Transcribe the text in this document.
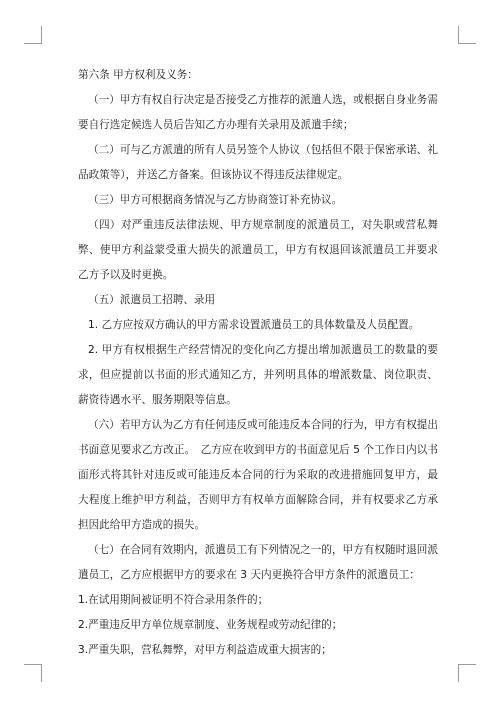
第六条 甲方权利及义务：

（一）甲方有权自行决定是否接受乙方推荐的派遣人选，或根据自身业务需要自行选定候选人员后告知乙方办理有关录用及派遣手续；

（二）可与乙方派遣的所有人员另签个人协议（包括但不限于保密承诺、礼品政策等），并送乙方备案。但该协议不得违反法律规定。

（三）甲方可根据商务情况与乙方协商签订补充协议。

（四）对严重违反法律法规、甲方规章制度的派遣员工，对失职或营私舞弊、使甲方利益蒙受重大损失的派遣员工，甲方有权退回该派遣员工并要求乙方予以及时更换。

（五）派遣员工招聘、录用

1. 乙方应按双方确认的甲方需求设置派遣员工的具体数量及人员配置。

2. 甲方有权根据生产经营情况的变化向乙方提出增加派遣员工的数量的要求，但应提前以书面的形式通知乙方，并列明具体的增派数量、岗位职责、薪资待遇水平、服务期限等信息。

（六）若甲方认为乙方有任何违反或可能违反本合同的行为，甲方有权提出书面意见要求乙方改正。　乙方应在收到甲方的书面意见后 5 个工作日内以书面形式将其针对违反或可能违反本合同的行为采取的改进措施回复甲方，最大程度上维护甲方利益，否则甲方有权单方面解除合同，并有权要求乙方承担因此给甲方造成的损失。

（七）在合同有效期内，派遣员工有下列情况之一的，甲方有权随时退回派遣员工，乙方应根据甲方的要求在 3 天内更换符合甲方条件的派遣员工：

1.在试用期间被证明不符合录用条件的；

2.严重违反甲方单位规章制度、业务规程或劳动纪律的；

3.严重失职，营私舞弊，对甲方利益造成重大损害的；
